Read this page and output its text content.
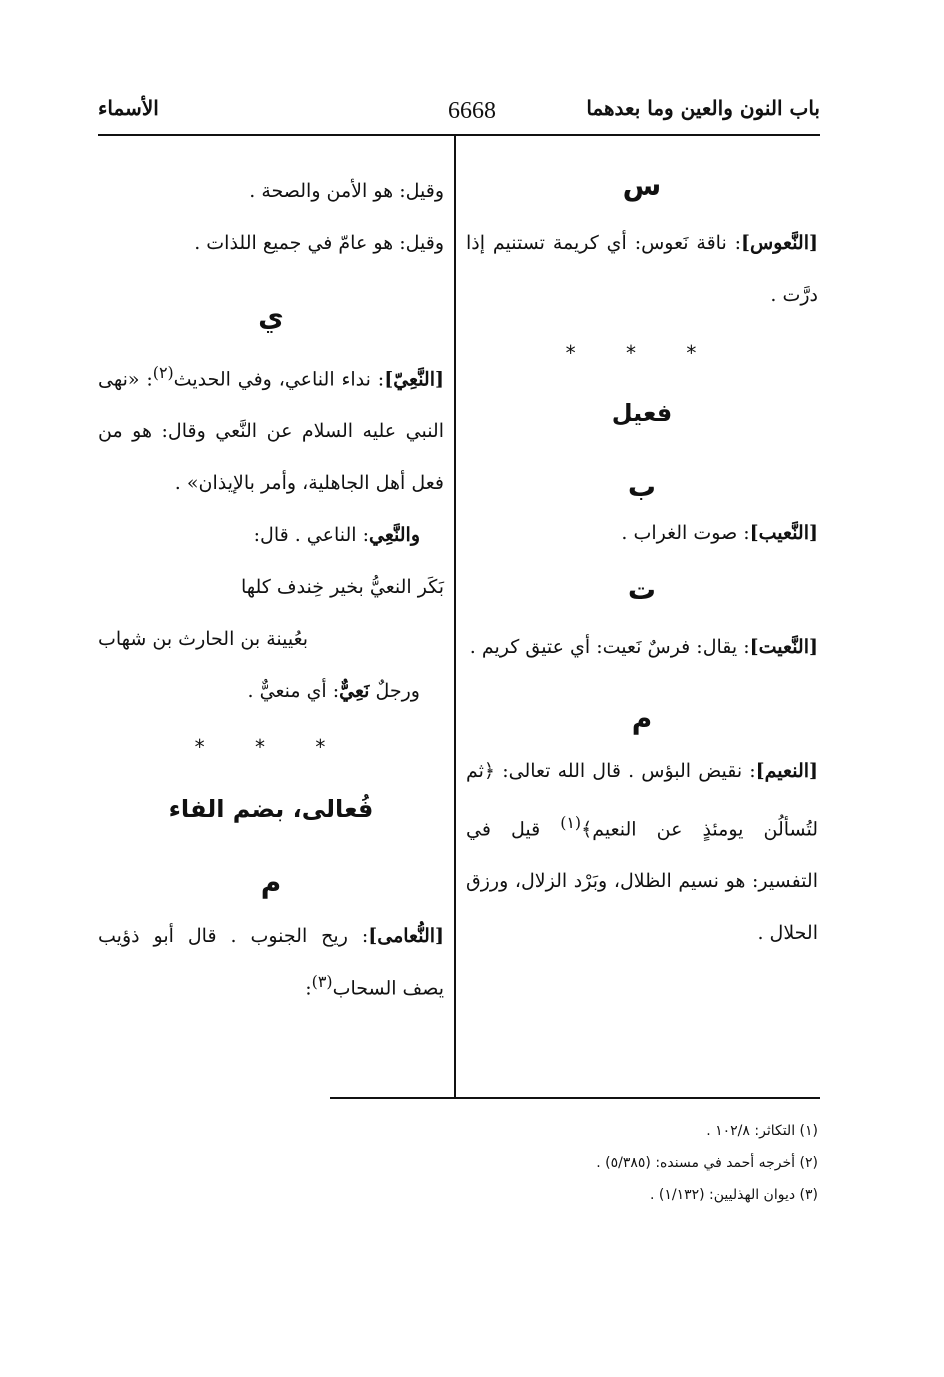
باب النون والعين وما بعدهما
6668
الأسماء

س

[النَّعوس]: ناقة نَعوس: أي كريمة تستنيم إذا درَّت .

* * *

فعيل

ب

[النَّعيب]: صوت الغراب .

ت

[النَّعيت]: يقال: فرسٌ نَعيت: أي عتيق كريم .

م

[النعيم]: نقيض البؤس . قال الله تعالى: ﴿ثم لتُسألُن يومئذٍ عن النعيم﴾$^{(١)}$ قيل في التفسير: هو نسيم الظلال، وبَرْد الزلال، ورزق الحلال .

وقيل: هو الأمن والصحة .

وقيل: هو عامّ في جميع اللذات .

ي

[النَّعِيّ]: نداء الناعي، وفي الحديث$^{(٢)}$: «نهى النبي عليه السلام عن النَّعي وقال: هو من فعل أهل الجاهلية، وأمر بالإيذان» .

والنَّعِي: الناعي . قال:

بَكَر النعيُّ بخير خِندف كلها

بعُيينة بن الحارث بن شهاب

ورجلٌ نَعِيٌّ: أي منعيٌّ .

* * *

فُعالى، بضم الفاء

م

[النُّعامى]: ريح الجنوب . قال أبو ذؤيب يصف السحاب$^{(٣)}$:

(١) التكاثر: ١٠٢/٨ .
(٢) أخرجه أحمد في مسنده: (٥/٣٨٥) .
(٣) ديوان الهذليين: (١/١٣٢) .
